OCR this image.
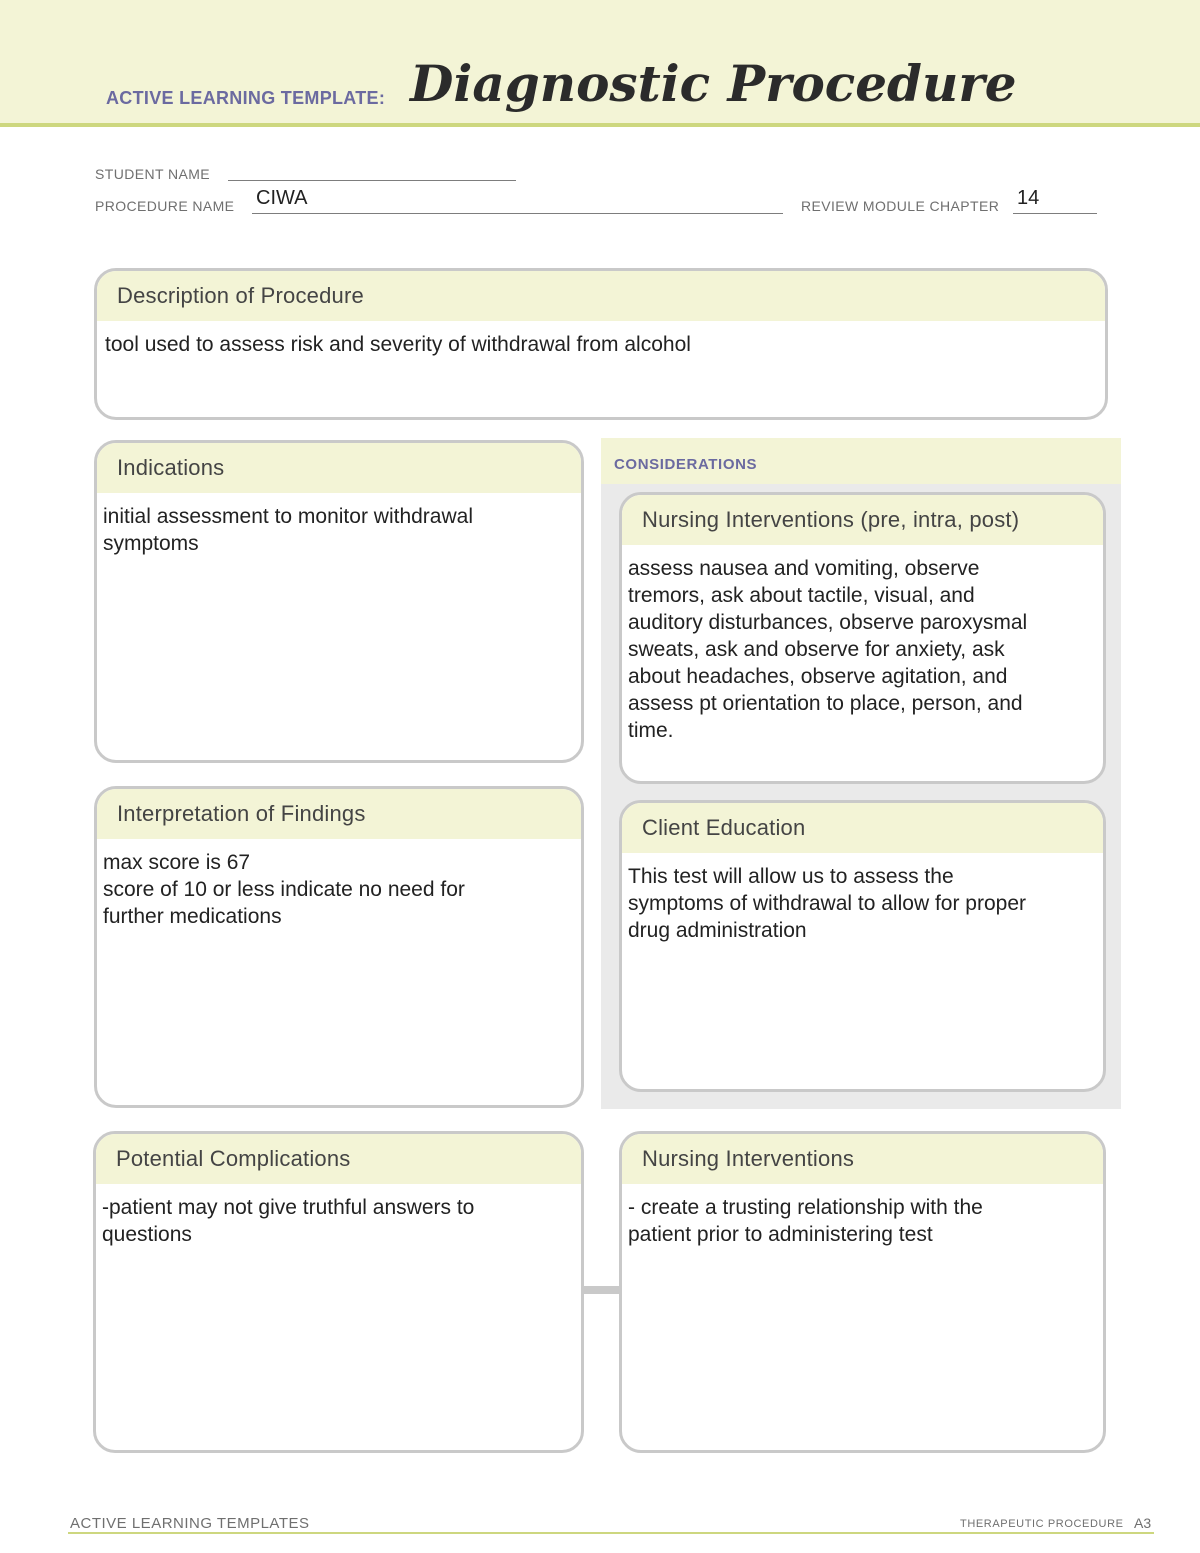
ACTIVE LEARNING TEMPLATE: Diagnostic Procedure
STUDENT NAME
PROCEDURE NAME CIWA	REVIEW MODULE CHAPTER 14
Description of Procedure
tool used to assess risk and severity of withdrawal from alcohol
Indications
initial assessment to monitor withdrawal
symptoms
CONSIDERATIONS
Nursing Interventions (pre, intra, post)
assess nausea and vomiting, observe
tremors, ask about tactile, visual, and
auditory disturbances, observe paroxysmal
sweats, ask and observe for anxiety, ask
about headaches, observe agitation, and
assess pt orientation to place, person, and
time.
Interpretation of Findings
max score is 67
score of 10 or less indicate no need for
further medications
Client Education
This test will allow us to assess the
symptoms of withdrawal to allow for proper
drug administration
Potential Complications
-patient may not give truthful answers to
questions
Nursing Interventions
- create a trusting relationship with the
patient prior to administering test
ACTIVE LEARNING TEMPLATES	THERAPEUTIC PROCEDURE A3
